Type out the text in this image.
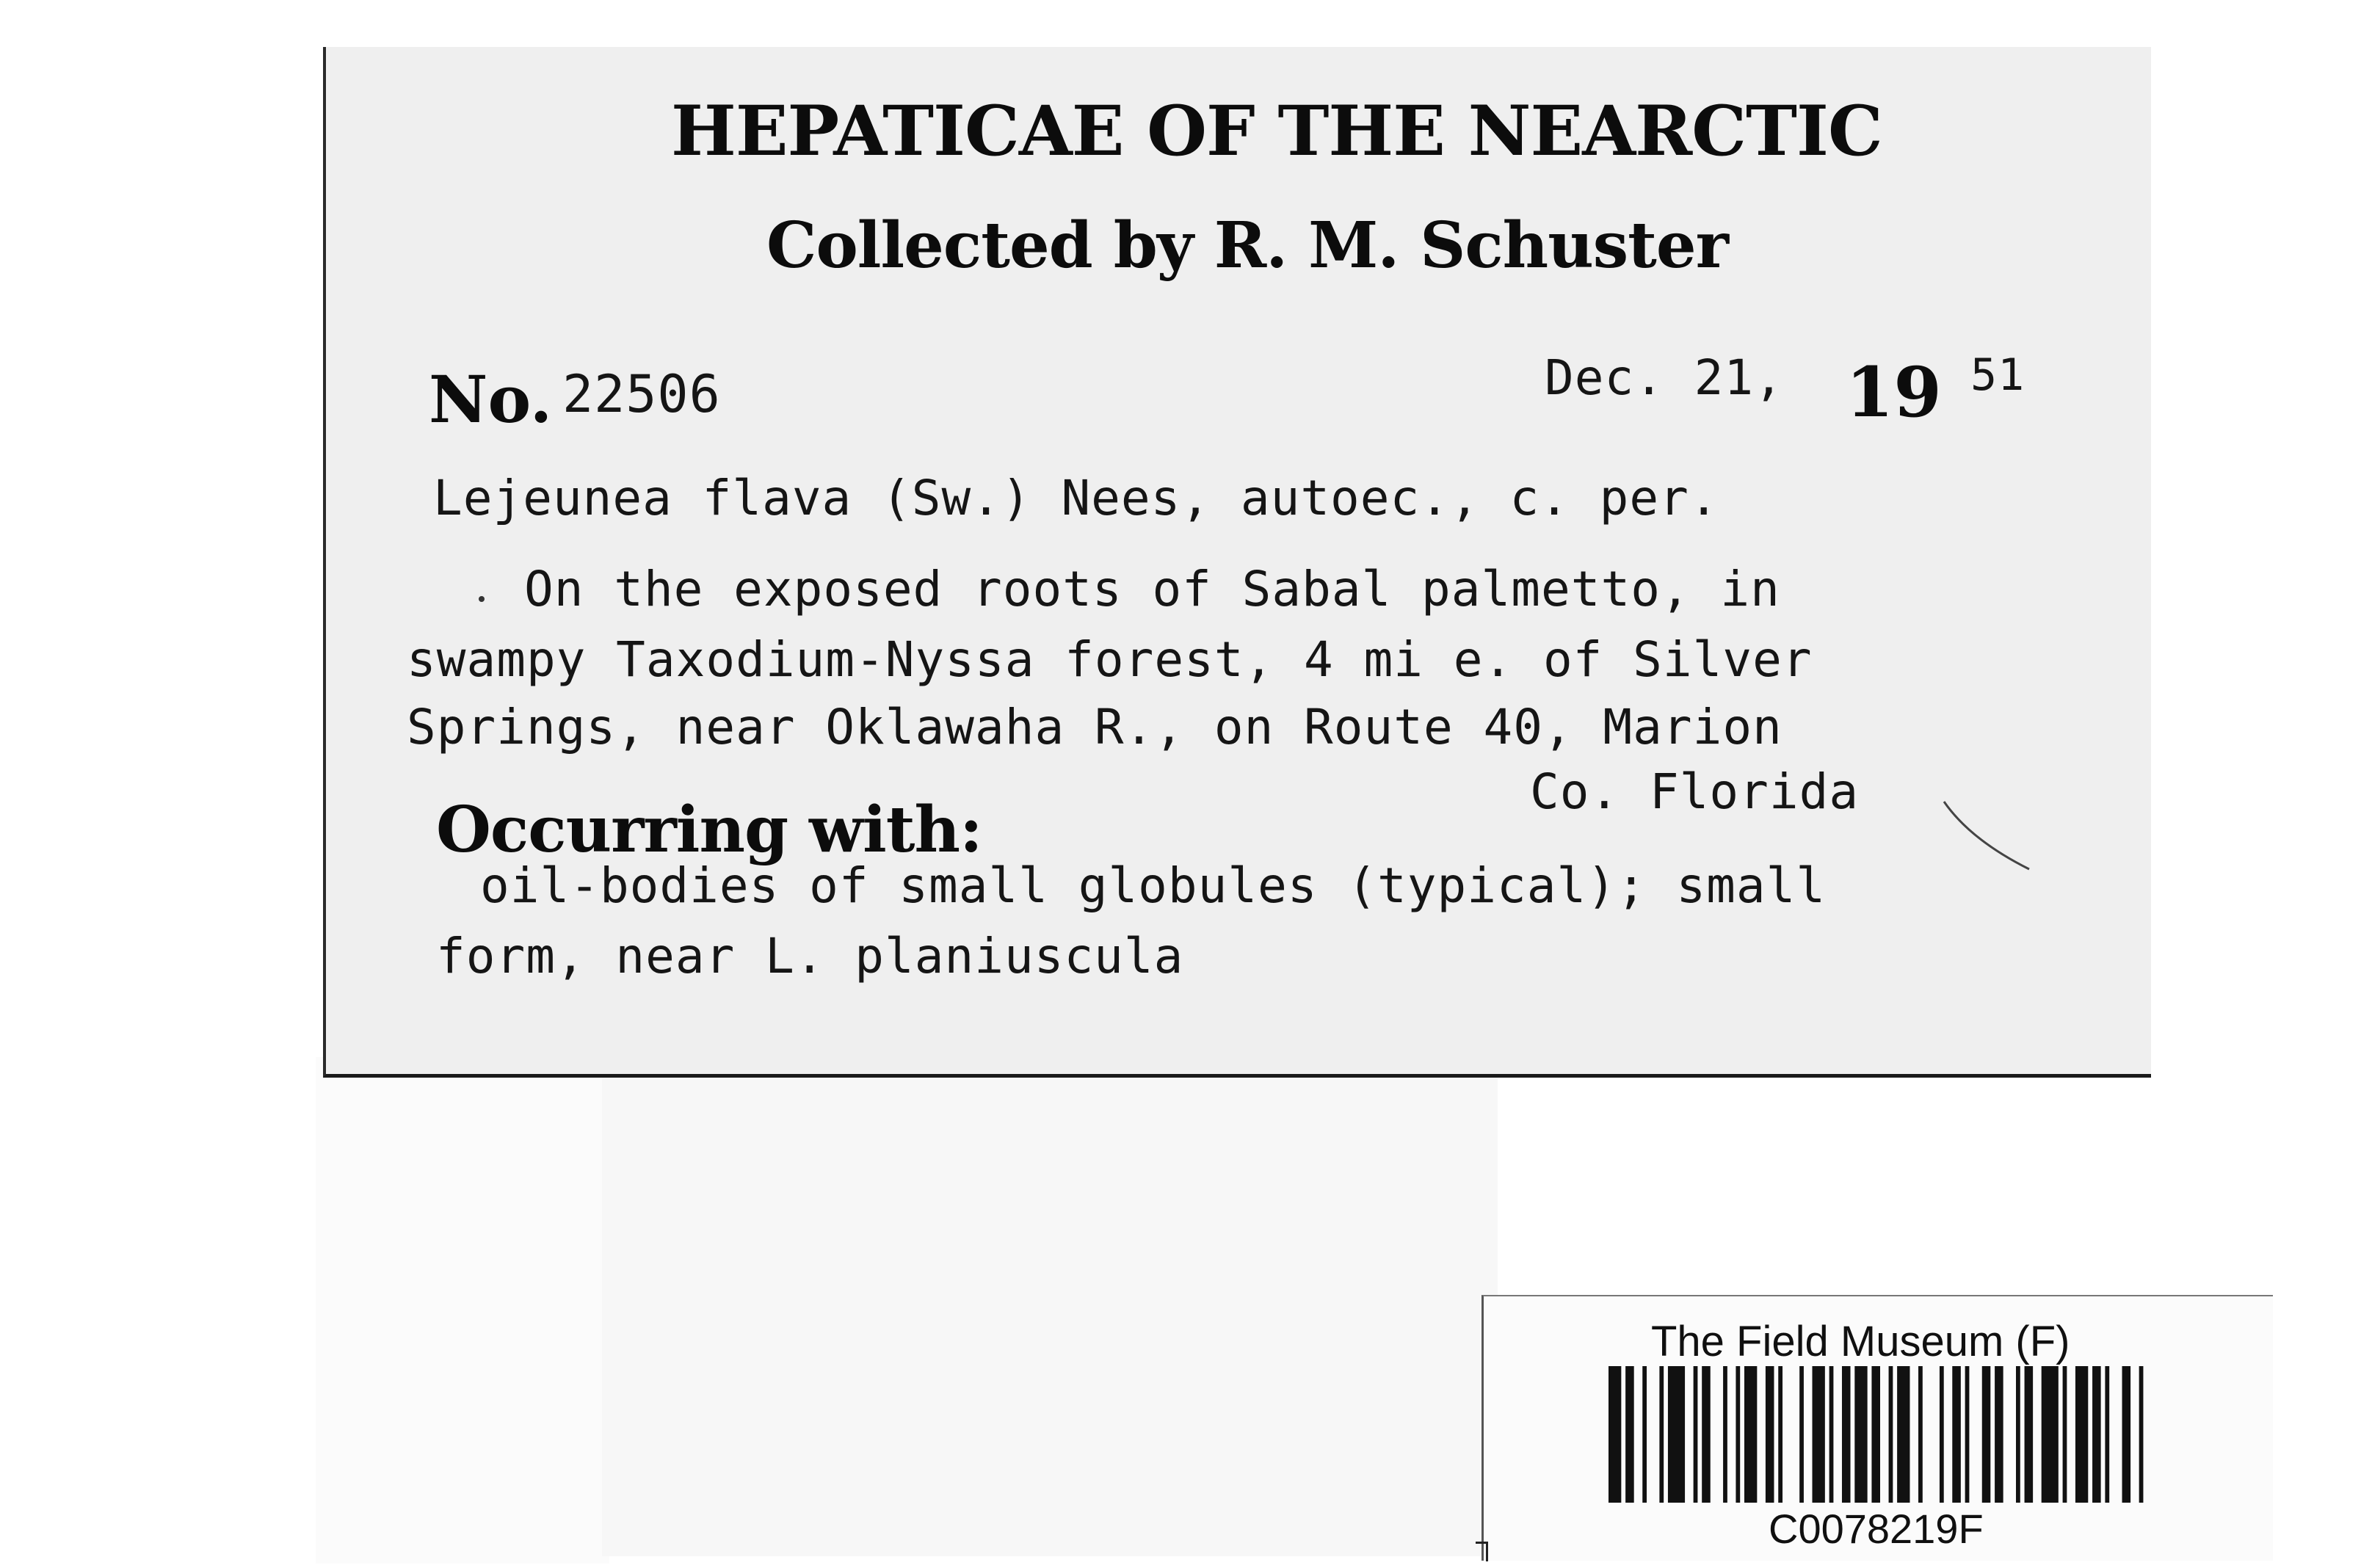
HEPATICAE OF THE NEARCTIC
Collected by R. M. Schuster
No. 22506	Dec. 21, 19 51
Lejeunea flava (Sw.) Nees, autoec., c. per.
On the exposed roots of Sabal palmetto, in
swampy Taxodium-Nyssa forest, 4 mi e. of Silver
Springs, near Oklawaha R., on Route 40, Marion
Co. Florida
Occurring with:
oil-bodies of small globules (typical); small
form, near L. planiuscula
The Field Museum (F)
C0078219F
